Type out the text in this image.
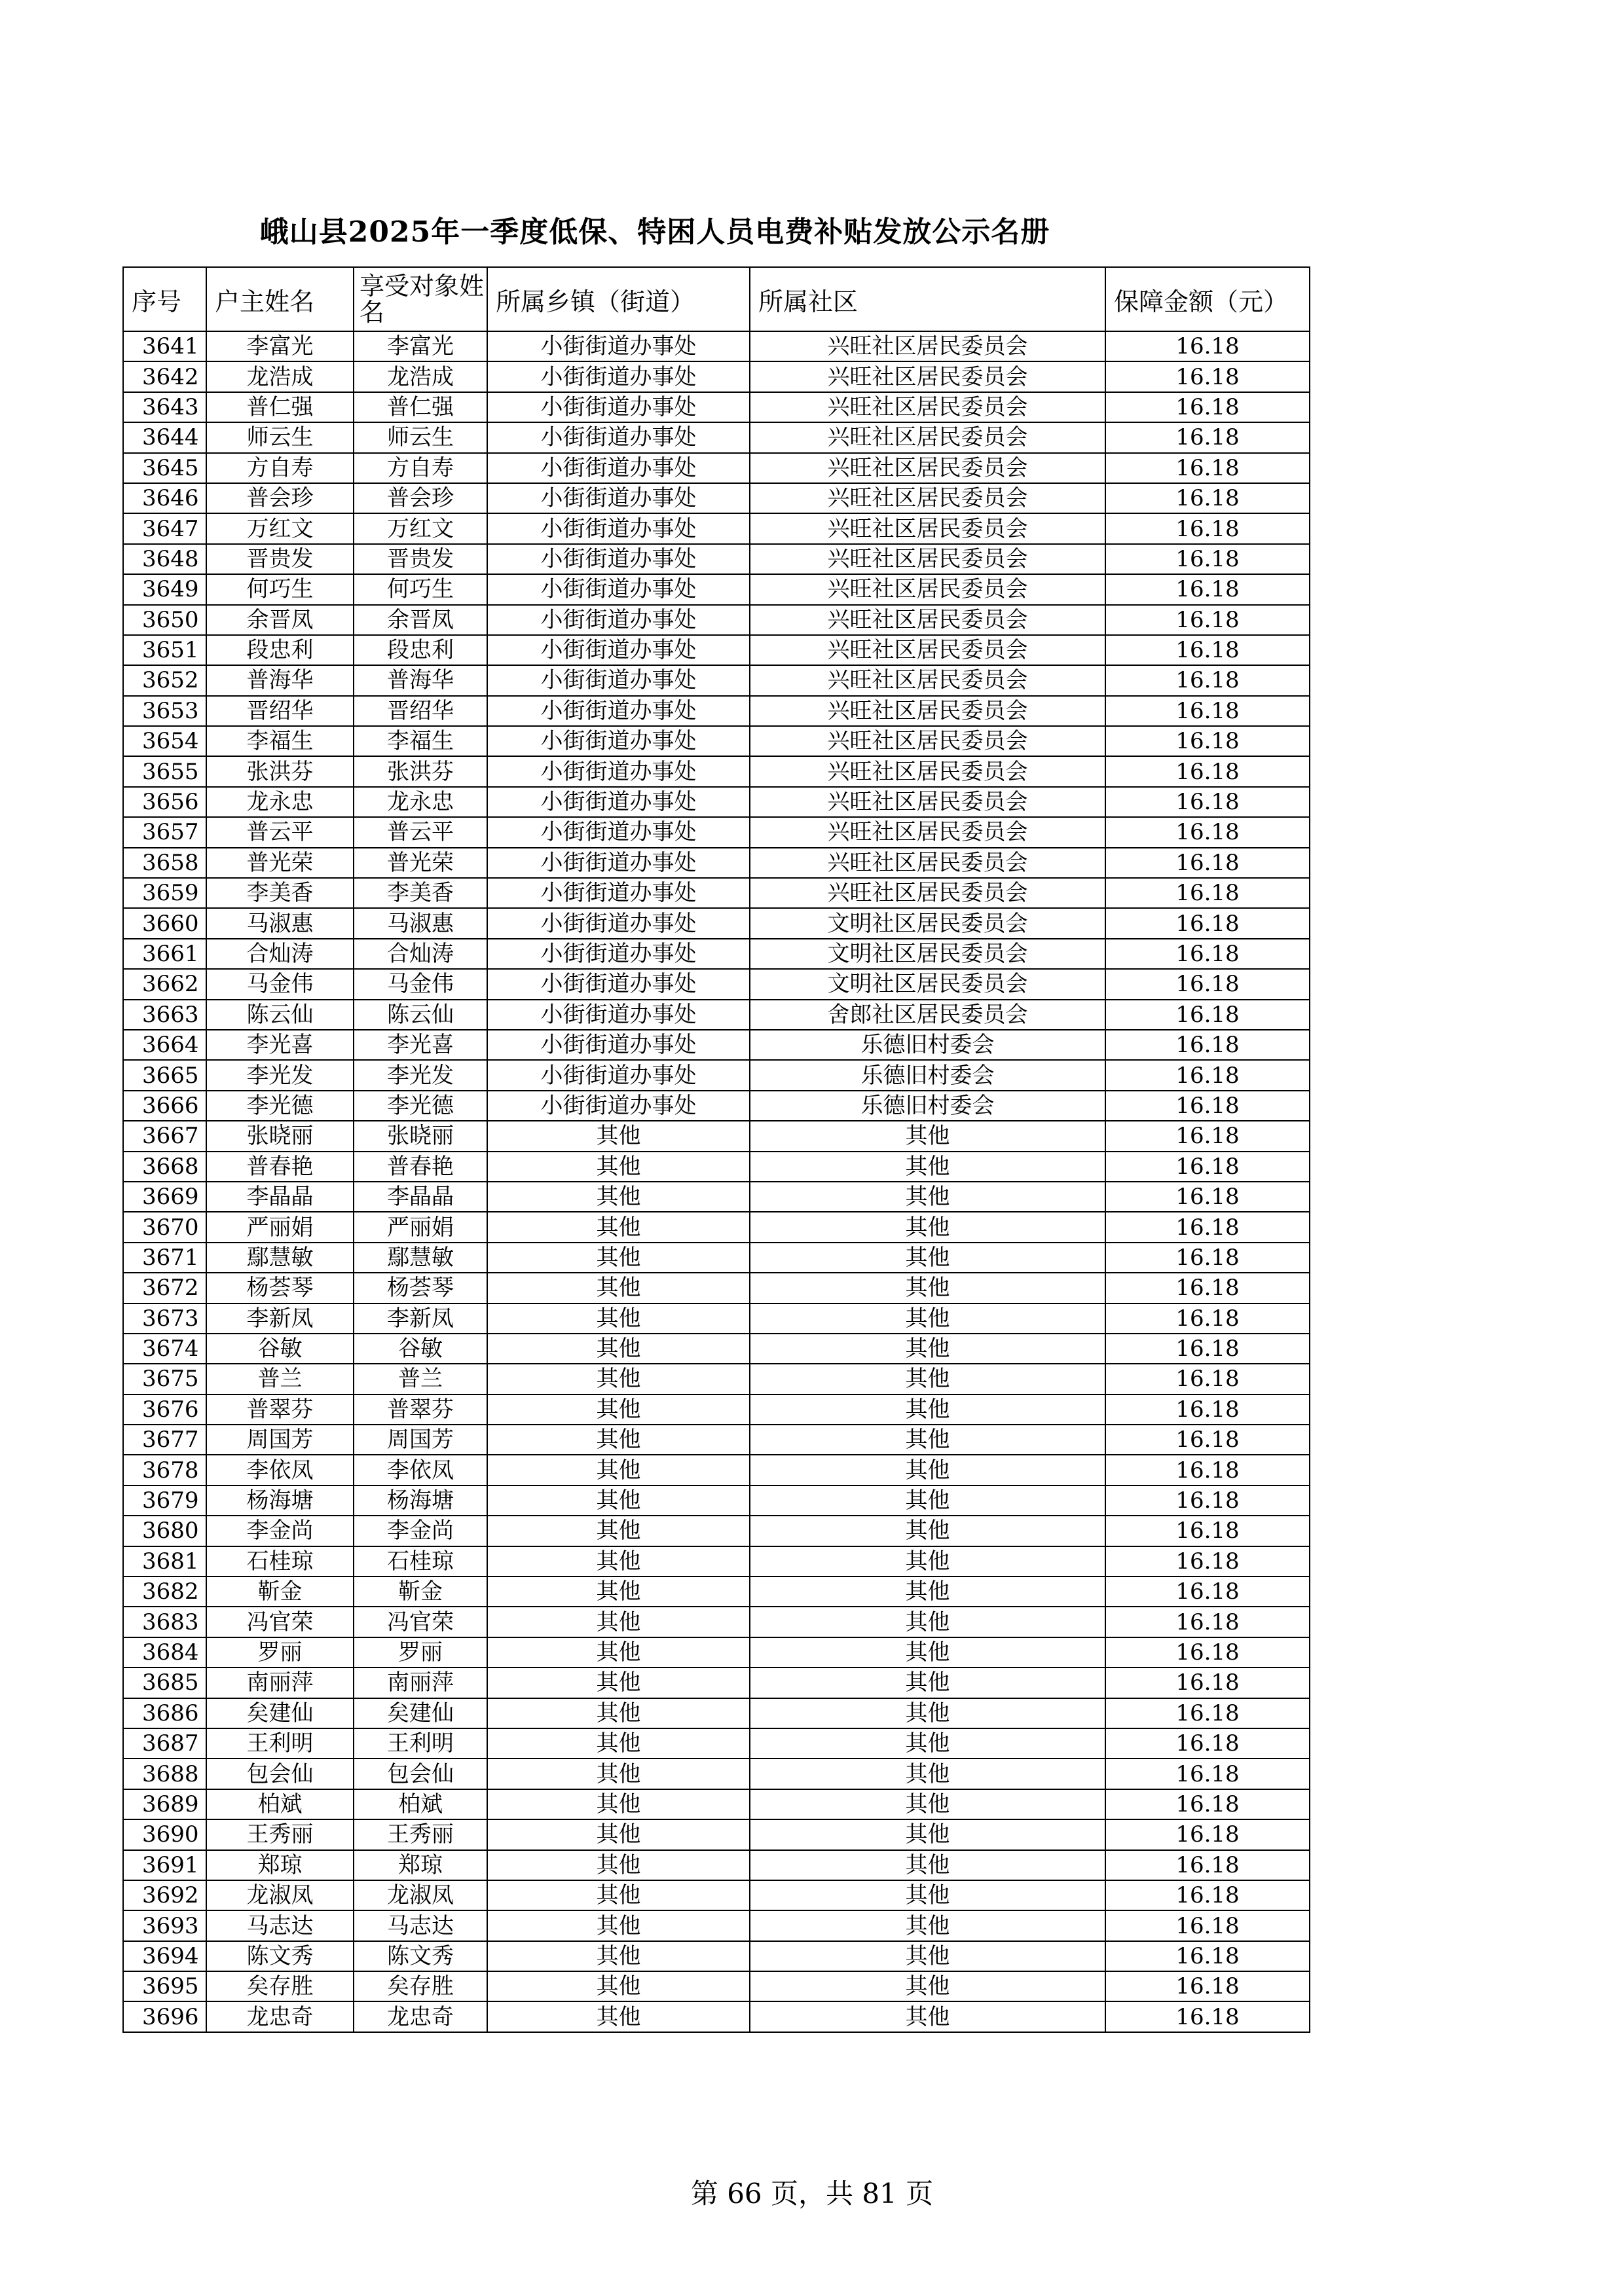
峨山县2025年一季度低保、特困人员电费补贴发放公示名册
序号	户主姓名	享受对象姓名	所属乡镇（街道）	所属社区	保障金额（元）
3641	李富光	李富光	小街街道办事处	兴旺社区居民委员会	16.18
3642	龙浩成	龙浩成	小街街道办事处	兴旺社区居民委员会	16.18
3643	普仁强	普仁强	小街街道办事处	兴旺社区居民委员会	16.18
3644	师云生	师云生	小街街道办事处	兴旺社区居民委员会	16.18
3645	方自寿	方自寿	小街街道办事处	兴旺社区居民委员会	16.18
3646	普会珍	普会珍	小街街道办事处	兴旺社区居民委员会	16.18
3647	万红文	万红文	小街街道办事处	兴旺社区居民委员会	16.18
3648	晋贵发	晋贵发	小街街道办事处	兴旺社区居民委员会	16.18
3649	何巧生	何巧生	小街街道办事处	兴旺社区居民委员会	16.18
3650	余晋凤	余晋凤	小街街道办事处	兴旺社区居民委员会	16.18
3651	段忠利	段忠利	小街街道办事处	兴旺社区居民委员会	16.18
3652	普海华	普海华	小街街道办事处	兴旺社区居民委员会	16.18
3653	晋绍华	晋绍华	小街街道办事处	兴旺社区居民委员会	16.18
3654	李福生	李福生	小街街道办事处	兴旺社区居民委员会	16.18
3655	张洪芬	张洪芬	小街街道办事处	兴旺社区居民委员会	16.18
3656	龙永忠	龙永忠	小街街道办事处	兴旺社区居民委员会	16.18
3657	普云平	普云平	小街街道办事处	兴旺社区居民委员会	16.18
3658	普光荣	普光荣	小街街道办事处	兴旺社区居民委员会	16.18
3659	李美香	李美香	小街街道办事处	兴旺社区居民委员会	16.18
3660	马淑惠	马淑惠	小街街道办事处	文明社区居民委员会	16.18
3661	合灿涛	合灿涛	小街街道办事处	文明社区居民委员会	16.18
3662	马金伟	马金伟	小街街道办事处	文明社区居民委员会	16.18
3663	陈云仙	陈云仙	小街街道办事处	舍郎社区居民委员会	16.18
3664	李光喜	李光喜	小街街道办事处	乐德旧村委会	16.18
3665	李光发	李光发	小街街道办事处	乐德旧村委会	16.18
3666	李光德	李光德	小街街道办事处	乐德旧村委会	16.18
3667	张晓丽	张晓丽	其他	其他	16.18
3668	普春艳	普春艳	其他	其他	16.18
3669	李晶晶	李晶晶	其他	其他	16.18
3670	严丽娟	严丽娟	其他	其他	16.18
3671	鄢慧敏	鄢慧敏	其他	其他	16.18
3672	杨荟琴	杨荟琴	其他	其他	16.18
3673	李新凤	李新凤	其他	其他	16.18
3674	谷敏	谷敏	其他	其他	16.18
3675	普兰	普兰	其他	其他	16.18
3676	普翠芬	普翠芬	其他	其他	16.18
3677	周国芳	周国芳	其他	其他	16.18
3678	李依凤	李依凤	其他	其他	16.18
3679	杨海塘	杨海塘	其他	其他	16.18
3680	李金尚	李金尚	其他	其他	16.18
3681	石桂琼	石桂琼	其他	其他	16.18
3682	靳金	靳金	其他	其他	16.18
3683	冯官荣	冯官荣	其他	其他	16.18
3684	罗丽	罗丽	其他	其他	16.18
3685	南丽萍	南丽萍	其他	其他	16.18
3686	矣建仙	矣建仙	其他	其他	16.18
3687	王利明	王利明	其他	其他	16.18
3688	包会仙	包会仙	其他	其他	16.18
3689	柏斌	柏斌	其他	其他	16.18
3690	王秀丽	王秀丽	其他	其他	16.18
3691	郑琼	郑琼	其他	其他	16.18
3692	龙淑凤	龙淑凤	其他	其他	16.18
3693	马志达	马志达	其他	其他	16.18
3694	陈文秀	陈文秀	其他	其他	16.18
3695	矣存胜	矣存胜	其他	其他	16.18
3696	龙忠奇	龙忠奇	其他	其他	16.18
第 66 页，共 81 页
